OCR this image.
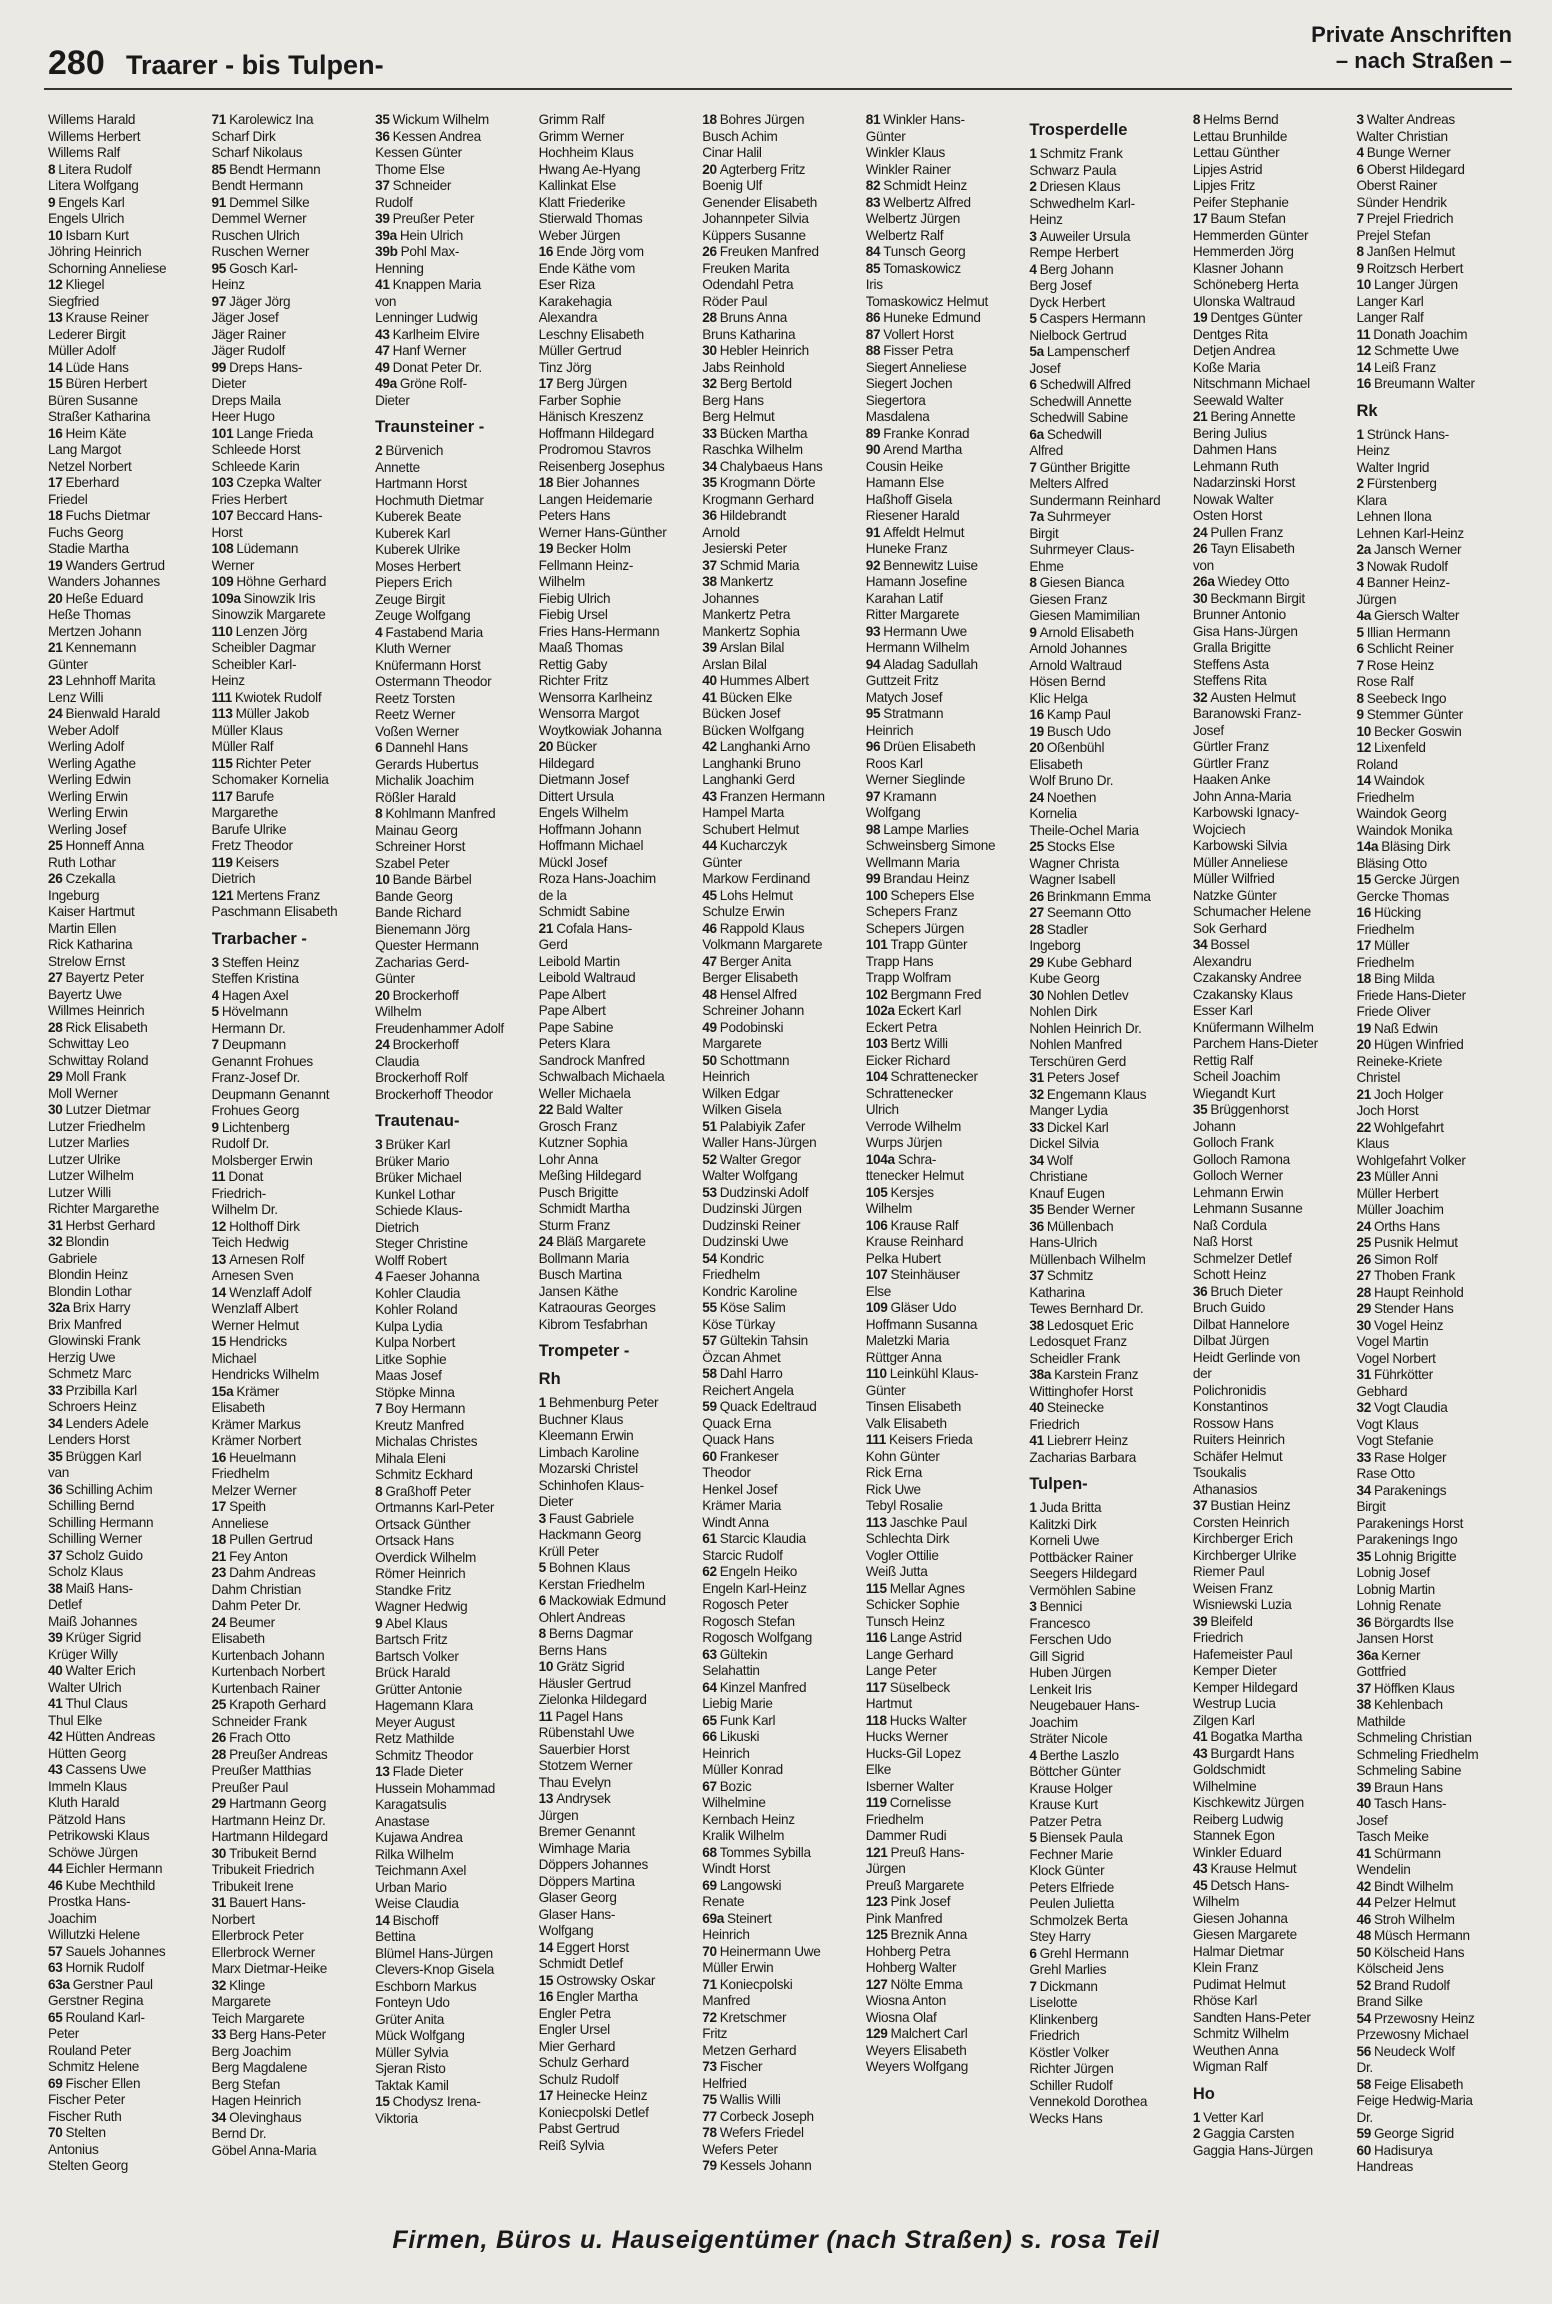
280 Traarer - bis Tulpen-
Private Anschriften
– nach Straßen –
Willems Harald
Willems Herbert
Willems Ralf
8 Litera Rudolf
Litera Wolfgang
9 Engels Karl
Engels Ulrich
10 Isbarn Kurt
Jöhring Heinrich
Schorning Anneliese
12 Kliegel
Siegfried
13 Krause Reiner
Lederer Birgit
Müller Adolf
14 Lüde Hans
15 Büren Herbert
Büren Susanne
Straßer Katharina
16 Heim Käte
Lang Margot
Netzel Norbert
17 Eberhard
Friedel
18 Fuchs Dietmar
Fuchs Georg
Stadie Martha
19 Wanders Gertrud
Wanders Johannes
20 Heße Eduard
Heße Thomas
Mertzen Johann
21 Kennemann
Günter
23 Lehnhoff Marita
Lenz Willi
24 Bienwald Harald
Weber Adolf
Werling Adolf
Werling Agathe
Werling Edwin
Werling Erwin
Werling Erwin
Werling Josef
25 Honneff Anna
Ruth Lothar
26 Czekalla
Ingeburg
Kaiser Hartmut
Martin Ellen
Rick Katharina
Strelow Ernst
27 Bayertz Peter
Bayertz Uwe
Willmes Heinrich
28 Rick Elisabeth
Schwittay Leo
Schwittay Roland
29 Moll Frank
Moll Werner
30 Lutzer Dietmar
Lutzer Friedhelm
Lutzer Marlies
Lutzer Ulrike
Lutzer Wilhelm
Lutzer Willi
Richter Margarethe
31 Herbst Gerhard
32 Blondin
Gabriele
Blondin Heinz
Blondin Lothar
32a Brix Harry
Brix Manfred
Glowinski Frank
Herzig Uwe
Schmetz Marc
33 Przibilla Karl
Schroers Heinz
34 Lenders Adele
Lenders Horst
35 Brüggen Karl
van
36 Schilling Achim
Schilling Bernd
Schilling Hermann
Schilling Werner
37 Scholz Guido
Scholz Klaus
38 Maiß Hans-
Detlef
Maiß Johannes
39 Krüger Sigrid
Krüger Willy
40 Walter Erich
Walter Ulrich
41 Thul Claus
Thul Elke
42 Hütten Andreas
Hütten Georg
43 Cassens Uwe
Immeln Klaus
Kluth Harald
Pätzold Hans
Petrikowski Klaus
Schöwe Jürgen
44 Eichler Hermann
46 Kube Mechthild
Prostka Hans-
Joachim
Willutzki Helene
57 Sauels Johannes
63 Hornik Rudolf
63a Gerstner Paul
Gerstner Regina
65 Rouland Karl-
Peter
Rouland Peter
Schmitz Helene
69 Fischer Ellen
Fischer Peter
Fischer Ruth
70 Stelten
Antonius
Stelten Georg
71 Karolewicz Ina
Scharf Dirk
Scharf Nikolaus
85 Bendt Hermann
Bendt Hermann
91 Demmel Silke
Demmel Werner
Ruschen Ulrich
Ruschen Werner
95 Gosch Karl-
Heinz
97 Jäger Jörg
Jäger Josef
Jäger Rainer
Jäger Rudolf
99 Dreps Hans-
Dieter
Dreps Maila
Heer Hugo
101 Lange Frieda
Schleede Horst
Schleede Karin
103 Czepka Walter
Fries Herbert
107 Beccard Hans-
Horst
108 Lüdemann
Werner
109 Höhne Gerhard
109a Sinowzik Iris
Sinowzik Margarete
110 Lenzen Jörg
Scheibler Dagmar
Scheibler Karl-
Heinz
111 Kwiotek Rudolf
113 Müller Jakob
Müller Klaus
Müller Ralf
115 Richter Peter
Schomaker Kornelia
117 Barufe
Margarethe
Barufe Ulrike
Fretz Theodor
119 Keisers
Dietrich
121 Mertens Franz
Paschmann Elisabeth
Trarbacher -
3 Steffen Heinz
Steffen Kristina
4 Hagen Axel
5 Hövelmann
Hermann Dr.
7 Deupmann
Genannt Frohues
Franz-Josef Dr.
Deupmann Genannt
Frohues Georg
9 Lichtenberg
Rudolf Dr.
Molsberger Erwin
11 Donat
Friedrich-
Wilhelm Dr.
12 Holthoff Dirk
Teich Hedwig
13 Arnesen Rolf
Arnesen Sven
14 Wenzlaff Adolf
Wenzlaff Albert
Werner Helmut
15 Hendricks
Michael
Hendricks Wilhelm
15a Krämer
Elisabeth
Krämer Markus
Krämer Norbert
16 Heuelmann
Friedhelm
Melzer Werner
17 Speith
Anneliese
18 Pullen Gertrud
21 Fey Anton
23 Dahm Andreas
Dahm Christian
Dahm Peter Dr.
24 Beumer
Elisabeth
Kurtenbach Johann
Kurtenbach Norbert
Kurtenbach Rainer
25 Krapoth Gerhard
Schneider Frank
26 Frach Otto
28 Preußer Andreas
Preußer Matthias
Preußer Paul
29 Hartmann Georg
Hartmann Heinz Dr.
Hartmann Hildegard
30 Tribukeit Bernd
Tribukeit Friedrich
Tribukeit Irene
31 Bauert Hans-
Norbert
Ellerbrock Peter
Ellerbrock Werner
Marx Dietmar-Heike
32 Klinge
Margarete
Teich Margarete
33 Berg Hans-Peter
Berg Joachim
Berg Magdalene
Berg Stefan
Hagen Heinrich
34 Olevinghaus
Bernd Dr.
Göbel Anna-Maria
35 Wickum Wilhelm
36 Kessen Andrea
Kessen Günter
Thome Else
37 Schneider
Rudolf
39 Preußer Peter
39a Hein Ulrich
39b Pohl Max-
Henning
41 Knappen Maria
von
Lenninger Ludwig
43 Karlheim Elvire
47 Hanf Werner
49 Donat Peter Dr.
49a Gröne Rolf-
Dieter
Traunsteiner -
2 Bürvenich
Annette
Hartmann Horst
Hochmuth Dietmar
Kuberek Beate
Kuberek Karl
Kuberek Ulrike
Moses Herbert
Piepers Erich
Zeuge Birgit
Zeuge Wolfgang
4 Fastabend Maria
Kluth Werner
Knüfermann Horst
Ostermann Theodor
Reetz Torsten
Reetz Werner
Voßen Werner
6 Dannehl Hans
Gerards Hubertus
Michalik Joachim
Rößler Harald
8 Kohlmann Manfred
Mainau Georg
Schreiner Horst
Szabel Peter
10 Bande Bärbel
Bande Georg
Bande Richard
Bienemann Jörg
Quester Hermann
Zacharias Gerd-
Günter
20 Brockerhoff
Wilhelm
Freudenhammer Adolf
24 Brockerhoff
Claudia
Brockerhoff Rolf
Brockerhoff Theodor
Trautenau-
3 Brüker Karl
Brüker Mario
Brüker Michael
Kunkel Lothar
Schiede Klaus-
Dietrich
Steger Christine
Wolff Robert
4 Faeser Johanna
Kohler Claudia
Kohler Roland
Kulpa Lydia
Kulpa Norbert
Litke Sophie
Maas Josef
Stöpke Minna
7 Boy Hermann
Kreutz Manfred
Michalas Christes
Mihala Eleni
Schmitz Eckhard
8 Graßhoff Peter
Ortmanns Karl-Peter
Ortsack Günther
Ortsack Hans
Overdick Wilhelm
Römer Heinrich
Standke Fritz
Wagner Hedwig
9 Abel Klaus
Bartsch Fritz
Bartsch Volker
Brück Harald
Grütter Antonie
Hagemann Klara
Meyer August
Retz Mathilde
Schmitz Theodor
13 Flade Dieter
Hussein Mohammad
Karagatsulis
Anastase
Kujawa Andrea
Rilka Wilhelm
Teichmann Axel
Urban Mario
Weise Claudia
14 Bischoff
Bettina
Blümel Hans-Jürgen
Clevers-Knop Gisela
Eschborn Markus
Fonteyn Udo
Grüter Anita
Mück Wolfgang
Müller Sylvia
Sjeran Risto
Taktak Kamil
15 Chodysz Irena-
Viktoria
Grimm Ralf
Grimm Werner
Hochheim Klaus
Hwang Ae-Hyang
Kallinkat Else
Klatt Friederike
Stierwald Thomas
Weber Jürgen
16 Ende Jörg vom
Ende Käthe vom
Eser Riza
Karakehagia
Alexandra
Leschny Elisabeth
Müller Gertrud
Tinz Jörg
17 Berg Jürgen
Farber Sophie
Hänisch Kreszenz
Hoffmann Hildegard
Prodromou Stavros
Reisenberg Josephus
18 Bier Johannes
Langen Heidemarie
Peters Hans
Werner Hans-Günther
19 Becker Holm
Fellmann Heinz-
Wilhelm
Fiebig Ulrich
Fiebig Ursel
Fries Hans-Hermann
Maaß Thomas
Rettig Gaby
Richter Fritz
Wensorra Karlheinz
Wensorra Margot
Woytkowiak Johanna
20 Bücker
Hildegard
Dietmann Josef
Dittert Ursula
Engels Wilhelm
Hoffmann Johann
Hoffmann Michael
Mückl Josef
Roza Hans-Joachim
de la
Schmidt Sabine
21 Cofala Hans-
Gerd
Leibold Martin
Leibold Waltraud
Pape Albert
Pape Albert
Pape Sabine
Peters Klara
Sandrock Manfred
Schwalbach Michaela
Weller Michaela
22 Bald Walter
Grosch Franz
Kutzner Sophia
Lohr Anna
Meßing Hildegard
Pusch Brigitte
Schmidt Martha
Sturm Franz
24 Bläß Margarete
Bollmann Maria
Busch Martina
Jansen Käthe
Katraouras Georges
Kibrom Tesfabrhan
Trompeter -
Rh
1 Behmenburg Peter
Buchner Klaus
Kleemann Erwin
Limbach Karoline
Mozarski Christel
Schinhofen Klaus-
Dieter
3 Faust Gabriele
Hackmann Georg
Krüll Peter
5 Bohnen Klaus
Kerstan Friedhelm
6 Mackowiak Edmund
Ohlert Andreas
8 Berns Dagmar
Berns Hans
10 Grätz Sigrid
Häusler Gertrud
Zielonka Hildegard
11 Pagel Hans
Rübenstahl Uwe
Sauerbier Horst
Stotzem Werner
Thau Evelyn
13 Andrysek
Jürgen
Bremer Genannt
Wimhage Maria
Döppers Johannes
Döppers Martina
Glaser Georg
Glaser Hans-
Wolfgang
14 Eggert Horst
Schmidt Detlef
15 Ostrowsky Oskar
16 Engler Martha
Engler Petra
Engler Ursel
Mier Gerhard
Schulz Gerhard
Schulz Rudolf
17 Heinecke Heinz
Koniecpolski Detlef
Pabst Gertrud
Reiß Sylvia
18 Bohres Jürgen
Busch Achim
Cinar Halil
20 Agterberg Fritz
Boenig Ulf
Genender Elisabeth
Johannpeter Silvia
Küppers Susanne
26 Freuken Manfred
Freuken Marita
Odendahl Petra
Röder Paul
28 Bruns Anna
Bruns Katharina
30 Hebler Heinrich
Jabs Reinhold
32 Berg Bertold
Berg Hans
Berg Helmut
33 Bücken Martha
Raschka Wilhelm
34 Chalybaeus Hans
35 Krogmann Dörte
Krogmann Gerhard
36 Hildebrandt
Arnold
Jesierski Peter
37 Schmid Maria
38 Mankertz
Johannes
Mankertz Petra
Mankertz Sophia
39 Arslan Bilal
Arslan Bilal
40 Hummes Albert
41 Bücken Elke
Bücken Josef
Bücken Wolfgang
42 Langhanki Arno
Langhanki Bruno
Langhanki Gerd
43 Franzen Hermann
Hampel Marta
Schubert Helmut
44 Kucharczyk
Günter
Markow Ferdinand
45 Lohs Helmut
Schulze Erwin
46 Rappold Klaus
Volkmann Margarete
47 Berger Anita
Berger Elisabeth
48 Hensel Alfred
Schreiner Johann
49 Podobinski
Margarete
50 Schottmann
Heinrich
Wilken Edgar
Wilken Gisela
51 Palabiyik Zafer
Waller Hans-Jürgen
52 Walter Gregor
Walter Wolfgang
53 Dudzinski Adolf
Dudzinski Jürgen
Dudzinski Reiner
Dudzinski Uwe
54 Kondric
Friedhelm
Kondric Karoline
55 Köse Salim
Köse Türkay
57 Gültekin Tahsin
Özcan Ahmet
58 Dahl Harro
Reichert Angela
59 Quack Edeltraud
Quack Erna
Quack Hans
60 Frankeser
Theodor
Henkel Josef
Krämer Maria
Windt Anna
61 Starcic Klaudia
Starcic Rudolf
62 Engeln Heiko
Engeln Karl-Heinz
Rogosch Peter
Rogosch Stefan
Rogosch Wolfgang
63 Gültekin
Selahattin
64 Kinzel Manfred
Liebig Marie
65 Funk Karl
66 Likuski
Heinrich
Müller Konrad
67 Bozic
Wilhelmine
Kernbach Heinz
Kralik Wilhelm
68 Tommes Sybilla
Windt Horst
69 Langowski
Renate
69a Steinert
Heinrich
70 Heinermann Uwe
Müller Erwin
71 Koniecpolski
Manfred
72 Kretschmer
Fritz
Metzen Gerhard
73 Fischer
Helfried
75 Wallis Willi
77 Corbeck Joseph
78 Wefers Friedel
Wefers Peter
79 Kessels Johann
81 Winkler Hans-
Günter
Winkler Klaus
Winkler Rainer
82 Schmidt Heinz
83 Welbertz Alfred
Welbertz Jürgen
Welbertz Ralf
84 Tunsch Georg
85 Tomaskowicz
Iris
Tomaskowicz Helmut
86 Huneke Edmund
87 Vollert Horst
88 Fisser Petra
Siegert Anneliese
Siegert Jochen
Siegertora
Masdalena
89 Franke Konrad
90 Arend Martha
Cousin Heike
Hamann Else
Haßhoff Gisela
Riesener Harald
91 Affeldt Helmut
Huneke Franz
92 Bennewitz Luise
Hamann Josefine
Karahan Latif
Ritter Margarete
93 Hermann Uwe
Hermann Wilhelm
94 Aladag Sadullah
Guttzeit Fritz
Matych Josef
95 Stratmann
Heinrich
96 Drüen Elisabeth
Roos Karl
Werner Sieglinde
97 Kramann
Wolfgang
98 Lampe Marlies
Schweinsberg Simone
Wellmann Maria
99 Brandau Heinz
100 Schepers Else
Schepers Franz
Schepers Jürgen
101 Trapp Günter
Trapp Hans
Trapp Wolfram
102 Bergmann Fred
102a Eckert Karl
Eckert Petra
103 Bertz Willi
Eicker Richard
104 Schrattenecker
Schrattenecker
Ulrich
Verrode Wilhelm
Wurps Jürjen
104a Schra-
ttenecker Helmut
105 Kersjes
Wilhelm
106 Krause Ralf
Krause Reinhard
Pelka Hubert
107 Steinhäuser
Else
109 Gläser Udo
Hoffmann Susanna
Maletzki Maria
Rüttger Anna
110 Leinkühl Klaus-
Günter
Tinsen Elisabeth
Valk Elisabeth
111 Keisers Frieda
Kohn Günter
Rick Erna
Rick Uwe
Tebyl Rosalie
113 Jaschke Paul
Schlechta Dirk
Vogler Ottilie
Weiß Jutta
115 Mellar Agnes
Schicker Sophie
Tunsch Heinz
116 Lange Astrid
Lange Gerhard
Lange Peter
117 Süselbeck
Hartmut
118 Hucks Walter
Hucks Werner
Hucks-Gil Lopez
Elke
Isberner Walter
119 Cornelisse
Friedhelm
Dammer Rudi
121 Preuß Hans-
Jürgen
Preuß Margarete
123 Pink Josef
Pink Manfred
125 Breznik Anna
Hohberg Petra
Hohberg Walter
127 Nölte Emma
Wiosna Anton
Wiosna Olaf
129 Malchert Carl
Weyers Elisabeth
Weyers Wolfgang
Trosperdelle
1 Schmitz Frank
Schwarz Paula
2 Driesen Klaus
Schwedhelm Karl-
Heinz
3 Auweiler Ursula
Rempe Herbert
4 Berg Johann
Berg Josef
Dyck Herbert
5 Caspers Hermann
Nielbock Gertrud
5a Lampenscherf
Josef
6 Schedwill Alfred
Schedwill Annette
Schedwill Sabine
6a Schedwill
Alfred
7 Günther Brigitte
Melters Alfred
Sundermann Reinhard
7a Suhrmeyer
Birgit
Suhrmeyer Claus-
Ehme
8 Giesen Bianca
Giesen Franz
Giesen Mamimilian
9 Arnold Elisabeth
Arnold Johannes
Arnold Waltraud
Hösen Bernd
Klic Helga
16 Kamp Paul
19 Busch Udo
20 Oßenbühl
Elisabeth
Wolf Bruno Dr.
24 Noethen
Kornelia
Theile-Ochel Maria
25 Stocks Else
Wagner Christa
Wagner Isabell
26 Brinkmann Emma
27 Seemann Otto
28 Stadler
Ingeborg
29 Kube Gebhard
Kube Georg
30 Nohlen Detlev
Nohlen Dirk
Nohlen Heinrich Dr.
Nohlen Manfred
Terschüren Gerd
31 Peters Josef
32 Engemann Klaus
Manger Lydia
33 Dickel Karl
Dickel Silvia
34 Wolf
Christiane
Knauf Eugen
35 Bender Werner
36 Müllenbach
Hans-Ulrich
Müllenbach Wilhelm
37 Schmitz
Katharina
Tewes Bernhard Dr.
38 Ledosquet Eric
Ledosquet Franz
Scheidler Frank
38a Karstein Franz
Wittinghofer Horst
40 Steinecke
Friedrich
41 Liebrerr Heinz
Zacharias Barbara
Tulpen-
1 Juda Britta
Kalitzki Dirk
Korneli Uwe
Pottbäcker Rainer
Seegers Hildegard
Vermöhlen Sabine
3 Bennici
Francesco
Ferschen Udo
Gill Sigrid
Huben Jürgen
Lenkeit Iris
Neugebauer Hans-
Joachim
Sträter Nicole
4 Berthe Laszlo
Böttcher Günter
Krause Holger
Krause Kurt
Patzer Petra
5 Biensek Paula
Fechner Marie
Klock Günter
Peters Elfriede
Peulen Julietta
Schmolzek Berta
Stey Harry
6 Grehl Hermann
Grehl Marlies
7 Dickmann
Liselotte
Klinkenberg
Friedrich
Köstler Volker
Richter Jürgen
Schiller Rudolf
Vennekold Dorothea
Wecks Hans
8 Helms Bernd
Lettau Brunhilde
Lettau Günther
Lipjes Astrid
Lipjes Fritz
Peifer Stephanie
17 Baum Stefan
Hemmerden Günter
Hemmerden Jörg
Klasner Johann
Schöneberg Herta
Ulonska Waltraud
19 Dentges Günter
Dentges Rita
Detjen Andrea
Koße Maria
Nitschmann Michael
Seewald Walter
21 Bering Annette
Bering Julius
Dahmen Hans
Lehmann Ruth
Nadarzinski Horst
Nowak Walter
Osten Horst
24 Pullen Franz
26 Tayn Elisabeth
von
26a Wiedey Otto
30 Beckmann Birgit
Brunner Antonio
Gisa Hans-Jürgen
Gralla Brigitte
Steffens Asta
Steffens Rita
32 Austen Helmut
Baranowski Franz-
Josef
Gürtler Franz
Gürtler Franz
Haaken Anke
John Anna-Maria
Karbowski Ignacy-
Wojciech
Karbowski Silvia
Müller Anneliese
Müller Wilfried
Natzke Günter
Schumacher Helene
Sok Gerhard
34 Bossel
Alexandru
Czakansky Andree
Czakansky Klaus
Esser Karl
Knüfermann Wilhelm
Parchem Hans-Dieter
Rettig Ralf
Scheil Joachim
Wiegandt Kurt
35 Brüggenhorst
Johann
Golloch Frank
Golloch Ramona
Golloch Werner
Lehmann Erwin
Lehmann Susanne
Naß Cordula
Naß Horst
Schmelzer Detlef
Schott Heinz
36 Bruch Dieter
Bruch Guido
Dilbat Hannelore
Dilbat Jürgen
Heidt Gerlinde von
der
Polichronidis
Konstantinos
Rossow Hans
Ruiters Heinrich
Schäfer Helmut
Tsoukalis
Athanasios
37 Bustian Heinz
Corsten Heinrich
Kirchberger Erich
Kirchberger Ulrike
Riemer Paul
Weisen Franz
Wisniewski Luzia
39 Bleifeld
Friedrich
Hafemeister Paul
Kemper Dieter
Kemper Hildegard
Westrup Lucia
Zilgen Karl
41 Bogatka Martha
43 Burgardt Hans
Goldschmidt
Wilhelmine
Kischkewitz Jürgen
Reiberg Ludwig
Stannek Egon
Winkler Eduard
43 Krause Helmut
45 Detsch Hans-
Wilhelm
Giesen Johanna
Giesen Margarete
Halmar Dietmar
Klein Franz
Pudimat Helmut
Rhöse Karl
Sandten Hans-Peter
Schmitz Wilhelm
Weuthen Anna
Wigman Ralf
Ho
1 Vetter Karl
2 Gaggia Carsten
Gaggia Hans-Jürgen
3 Walter Andreas
Walter Christian
4 Bunge Werner
6 Oberst Hildegard
Oberst Rainer
Sünder Hendrik
7 Prejel Friedrich
Prejel Stefan
8 Janßen Helmut
9 Roitzsch Herbert
10 Langer Jürgen
Langer Karl
Langer Ralf
11 Donath Joachim
12 Schmette Uwe
14 Leiß Franz
16 Breumann Walter
Rk
1 Strünck Hans-
Heinz
Walter Ingrid
2 Fürstenberg
Klara
Lehnen Ilona
Lehnen Karl-Heinz
2a Jansch Werner
3 Nowak Rudolf
4 Banner Heinz-
Jürgen
4a Giersch Walter
5 Illian Hermann
6 Schlicht Reiner
7 Rose Heinz
Rose Ralf
8 Seebeck Ingo
9 Stemmer Günter
10 Becker Goswin
12 Lixenfeld
Roland
14 Waindok
Friedhelm
Waindok Georg
Waindok Monika
14a Bläsing Dirk
Bläsing Otto
15 Gercke Jürgen
Gercke Thomas
16 Hücking
Friedhelm
17 Müller
Friedhelm
18 Bing Milda
Friede Hans-Dieter
Friede Oliver
19 Naß Edwin
20 Hügen Winfried
Reineke-Kriete
Christel
21 Joch Holger
Joch Horst
22 Wohlgefahrt
Klaus
Wohlgefahrt Volker
23 Müller Anni
Müller Herbert
Müller Joachim
24 Orths Hans
25 Pusnik Helmut
26 Simon Rolf
27 Thoben Frank
28 Haupt Reinhold
29 Stender Hans
30 Vogel Heinz
Vogel Martin
Vogel Norbert
31 Führkötter
Gebhard
32 Vogt Claudia
Vogt Klaus
Vogt Stefanie
33 Rase Holger
Rase Otto
34 Parakenings
Birgit
Parakenings Horst
Parakenings Ingo
35 Lohnig Brigitte
Lobnig Josef
Lobnig Martin
Lohnig Renate
36 Börgardts Ilse
Jansen Horst
36a Kerner
Gottfried
37 Höffken Klaus
38 Kehlenbach
Mathilde
Schmeling Christian
Schmeling Friedhelm
Schmeling Sabine
39 Braun Hans
40 Tasch Hans-
Josef
Tasch Meike
41 Schürmann
Wendelin
42 Bindt Wilhelm
44 Pelzer Helmut
46 Stroh Wilhelm
48 Müsch Hermann
50 Kölscheid Hans
Kölscheid Jens
52 Brand Rudolf
Brand Silke
54 Przewosny Heinz
Przewosny Michael
56 Neudeck Wolf
Dr.
58 Feige Elisabeth
Feige Hedwig-Maria
Dr.
59 George Sigrid
60 Hadisurya
Handreas
Firmen, Büros u. Hauseigentümer (nach Straßen) s. rosa Teil
